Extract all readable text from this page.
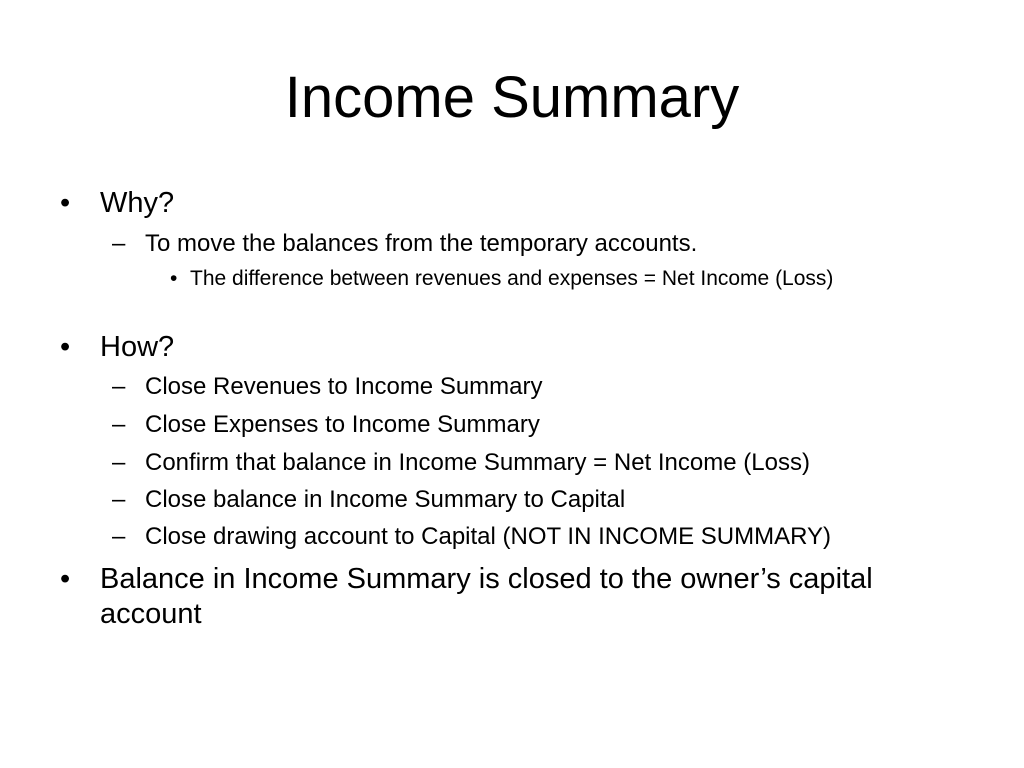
Income Summary
•	Why?
– To move the balances from the temporary accounts.
• The difference between revenues and expenses = Net Income (Loss)
•	How?
– Close Revenues to Income Summary
– Close Expenses to Income Summary
– Confirm that balance in Income Summary = Net Income (Loss)
– Close balance in Income Summary to Capital
– Close drawing account to Capital (NOT IN INCOME SUMMARY)
•	Balance in Income Summary is closed to the owner’s capital account
